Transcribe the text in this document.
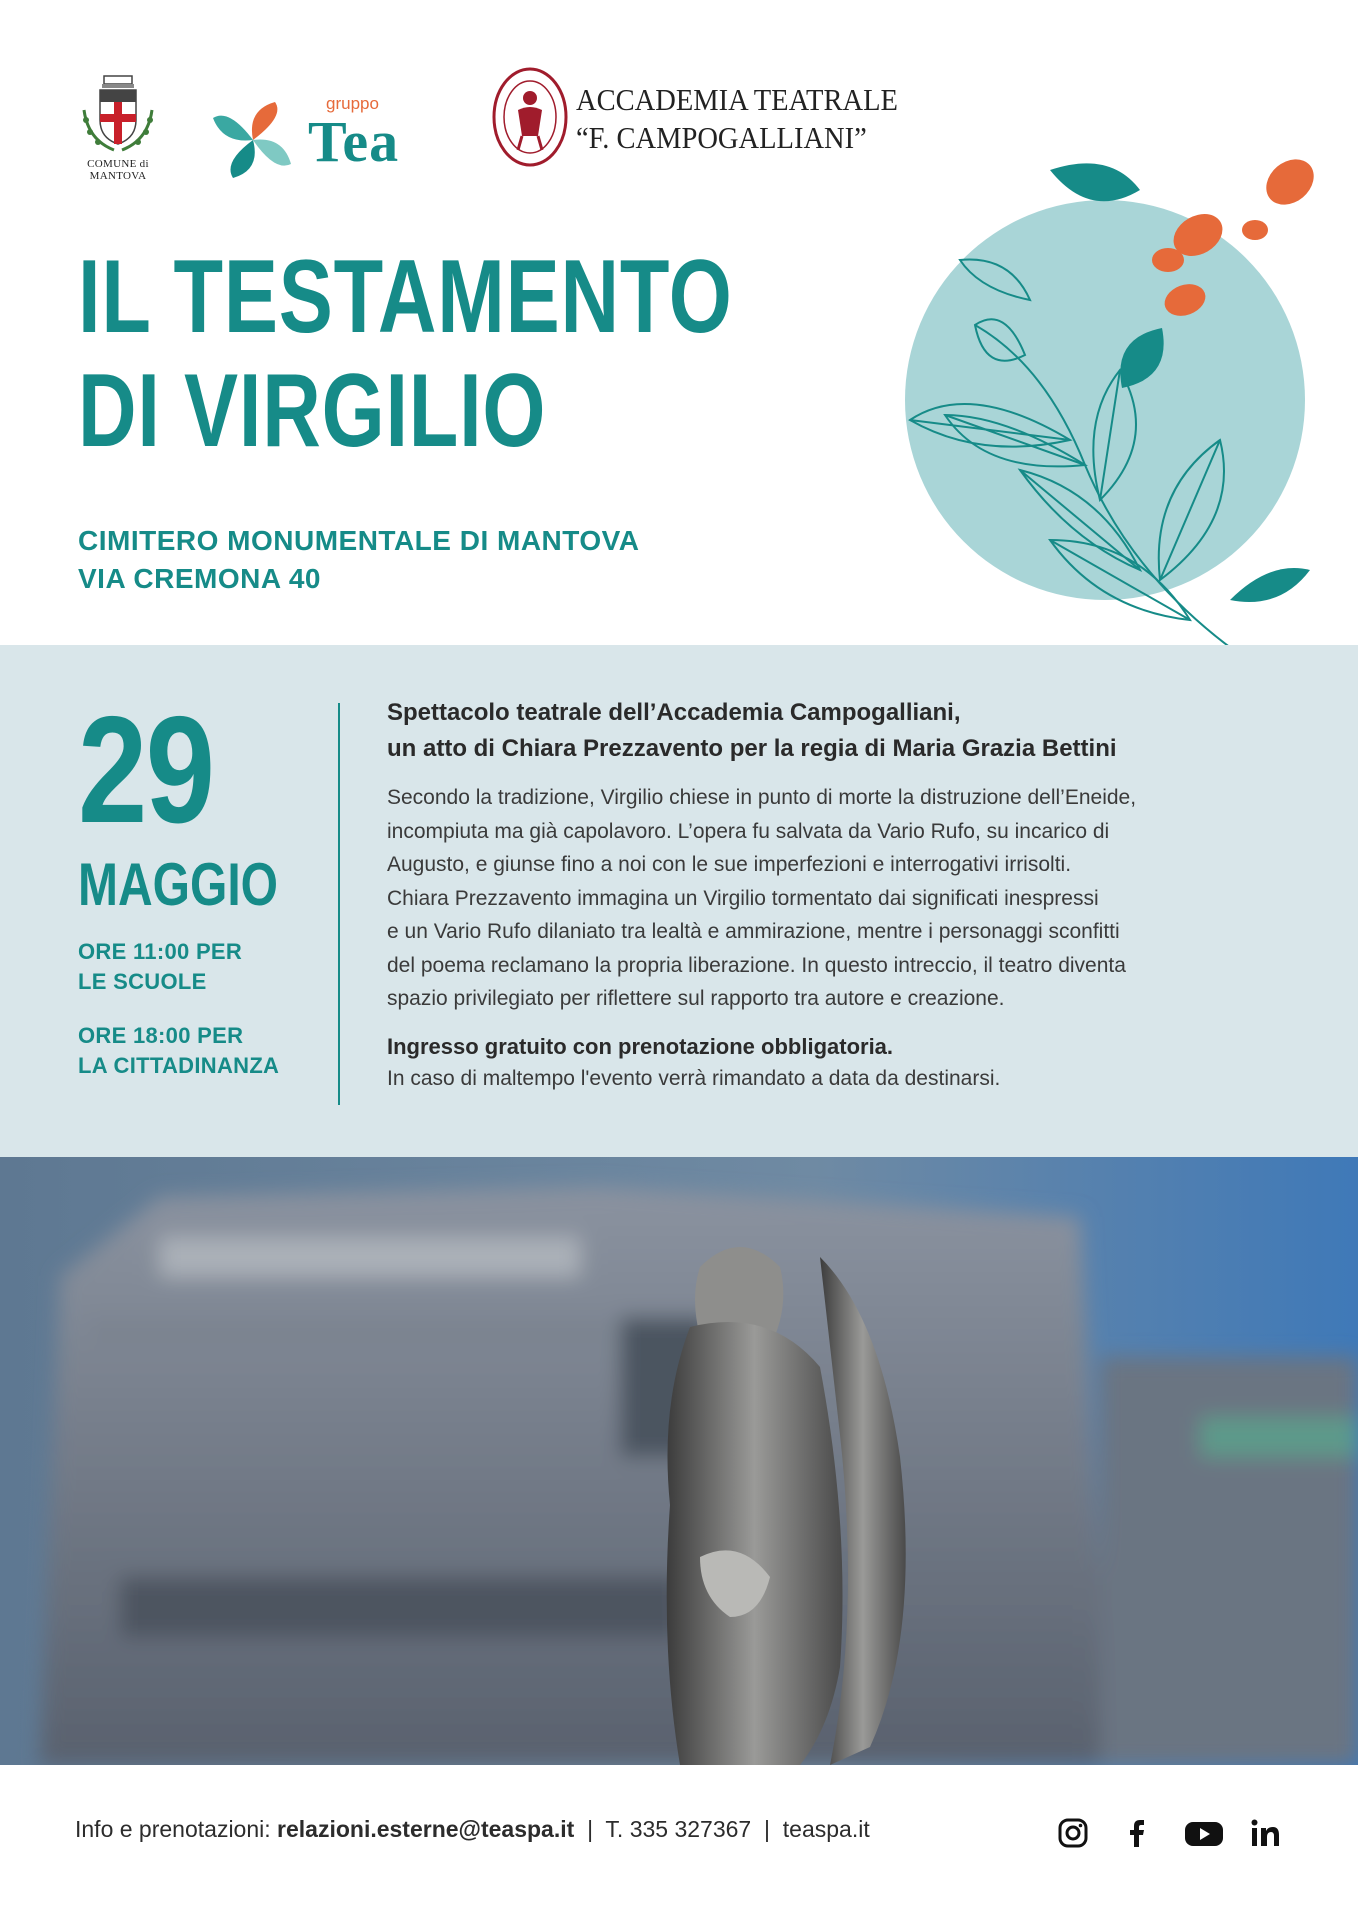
COMUNE di MANTOVA
gruppo
Tea
ACCADEMIA TEATRALE
“F. CAMPOGALLIANI”
IL TESTAMENTO
DI VIRGILIO
CIMITERO MONUMENTALE DI MANTOVA
VIA CREMONA 40
29
MAGGIO
ORE 11:00 PER
LE SCUOLE
ORE 18:00 PER
LA CITTADINANZA
Spettacolo teatrale dell’Accademia Campogalliani,
un atto di Chiara Prezzavento per la regia di Maria Grazia Bettini
Secondo la tradizione, Virgilio chiese in punto di morte la distruzione dell’Eneide,
incompiuta ma già capolavoro. L’opera fu salvata da Vario Rufo, su incarico di
Augusto, e giunse fino a noi con le sue imperfezioni e interrogativi irrisolti.
Chiara Prezzavento immagina un Virgilio tormentato dai significati inespressi
e un Vario Rufo dilaniato tra lealtà e ammirazione, mentre i personaggi sconfitti
del poema reclamano la propria liberazione. In questo intreccio, il teatro diventa
spazio privilegiato per riflettere sul rapporto tra autore e creazione.
Ingresso gratuito con prenotazione obbligatoria.
In caso di maltempo l'evento verrà rimandato a data da destinarsi.
Info e prenotazioni: relazioni.esterne@teaspa.it  |  T. 335 327367  |  teaspa.it
